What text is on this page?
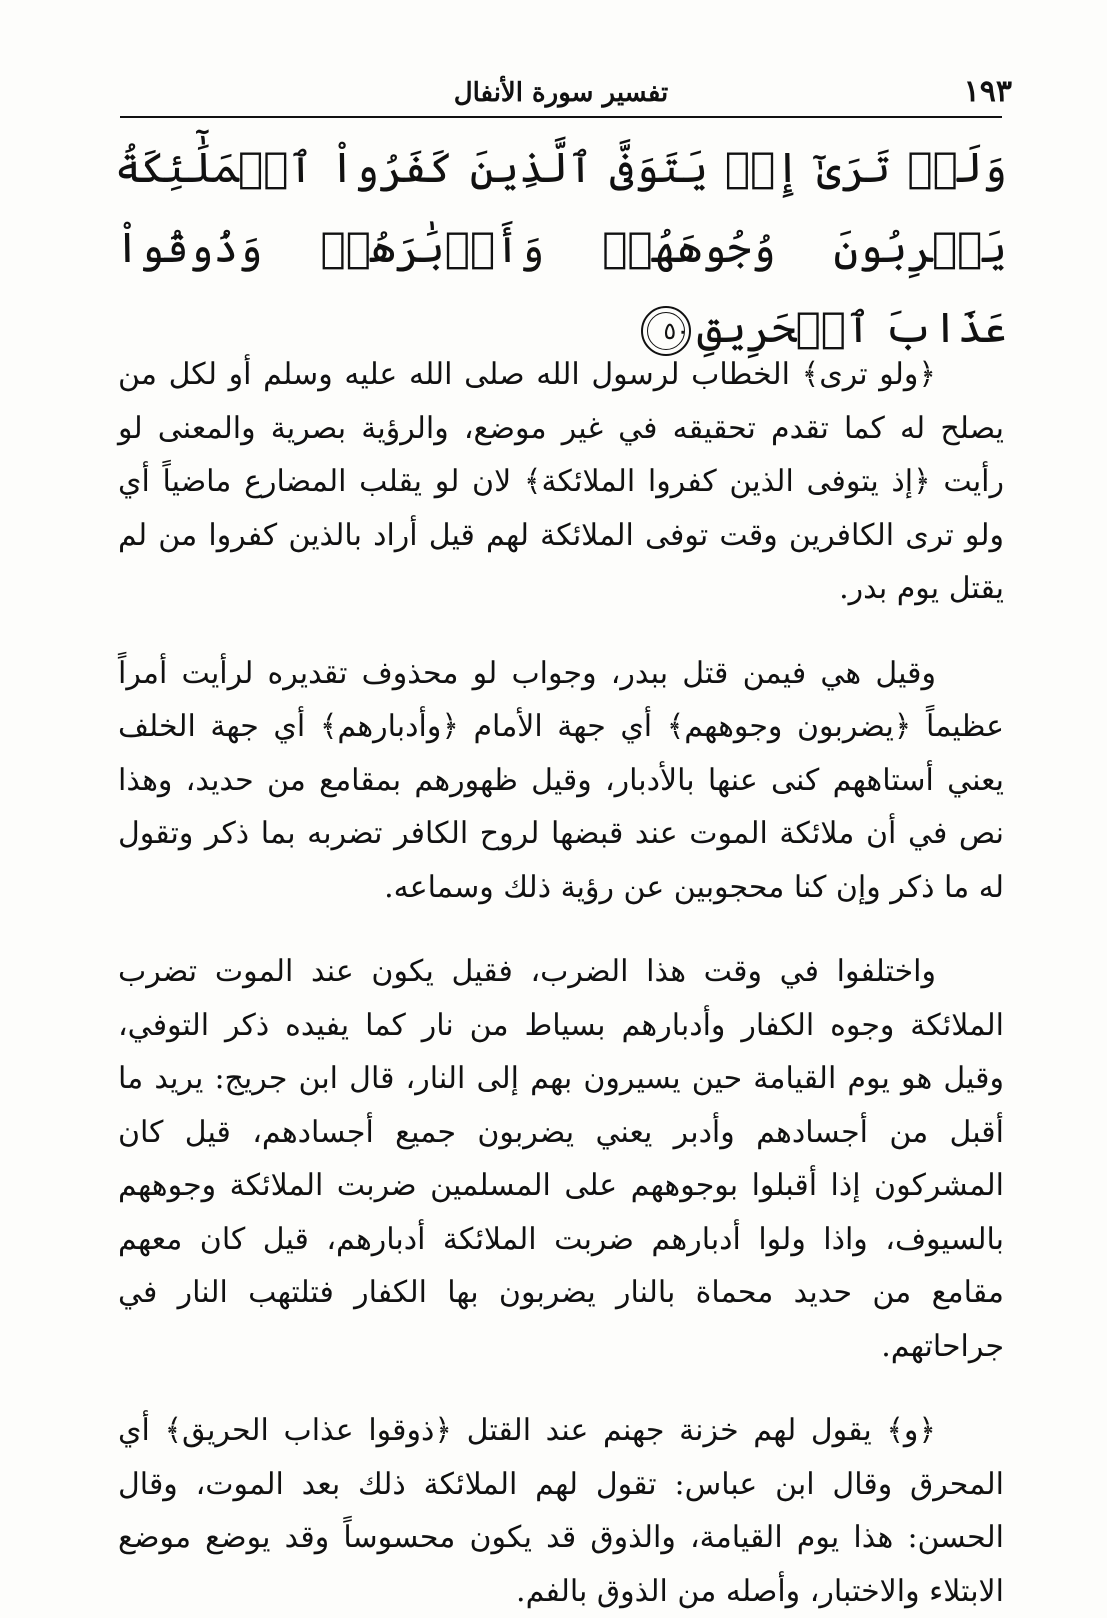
تفسير سورة الأنفال	١٩٣
وَلَوۡ تَرَىٰٓ إِذۡ يَتَوَفَّى ٱلَّذِينَ كَفَرُواْ ٱلۡمَلَٰٓئِكَةُ يَضۡرِبُونَ وُجُوهَهُمۡ وَأَدۡبَٰرَهُمۡ وَذُوقُواْ عَذَابَ ٱلۡحَرِيقِ٥٠

﴿ولو ترى﴾ الخطاب لرسول الله صلى الله عليه وسلم أو لكل من يصلح له كما تقدم تحقيقه في غير موضع، والرؤية بصرية والمعنى لو رأيت ﴿إذ يتوفى الذين كفروا الملائكة﴾ لان لو يقلب المضارع ماضياً أي ولو ترى الكافرين وقت توفى الملائكة لهم قيل أراد بالذين كفروا من لم يقتل يوم بدر.

وقيل هي فيمن قتل ببدر، وجواب لو محذوف تقديره لرأيت أمراً عظيماً ﴿يضربون وجوههم﴾ أي جهة الأمام ﴿وأدبارهم﴾ أي جهة الخلف يعني أستاههم كنى عنها بالأدبار، وقيل ظهورهم بمقامع من حديد، وهذا نص في أن ملائكة الموت عند قبضها لروح الكافر تضربه بما ذكر وتقول له ما ذكر وإن كنا محجوبين عن رؤية ذلك وسماعه.

واختلفوا في وقت هذا الضرب، فقيل يكون عند الموت تضرب الملائكة وجوه الكفار وأدبارهم بسياط من نار كما يفيده ذكر التوفي، وقيل هو يوم القيامة حين يسيرون بهم إلى النار، قال ابن جريج: يريد ما أقبل من أجسادهم وأدبر يعني يضربون جميع أجسادهم، قيل كان المشركون إذا أقبلوا بوجوههم على المسلمين ضربت الملائكة وجوههم بالسيوف، واذا ولوا أدبارهم ضربت الملائكة أدبارهم، قيل كان معهم مقامع من حديد محماة بالنار يضربون بها الكفار فتلتهب النار في جراحاتهم.

﴿و﴾ يقول لهم خزنة جهنم عند القتل ﴿ذوقوا عذاب الحريق﴾ أي المحرق وقال ابن عباس: تقول لهم الملائكة ذلك بعد الموت، وقال الحسن: هذا يوم القيامة، والذوق قد يكون محسوساً وقد يوضع موضع الابتلاء والاختبار، وأصله من الذوق بالفم.
